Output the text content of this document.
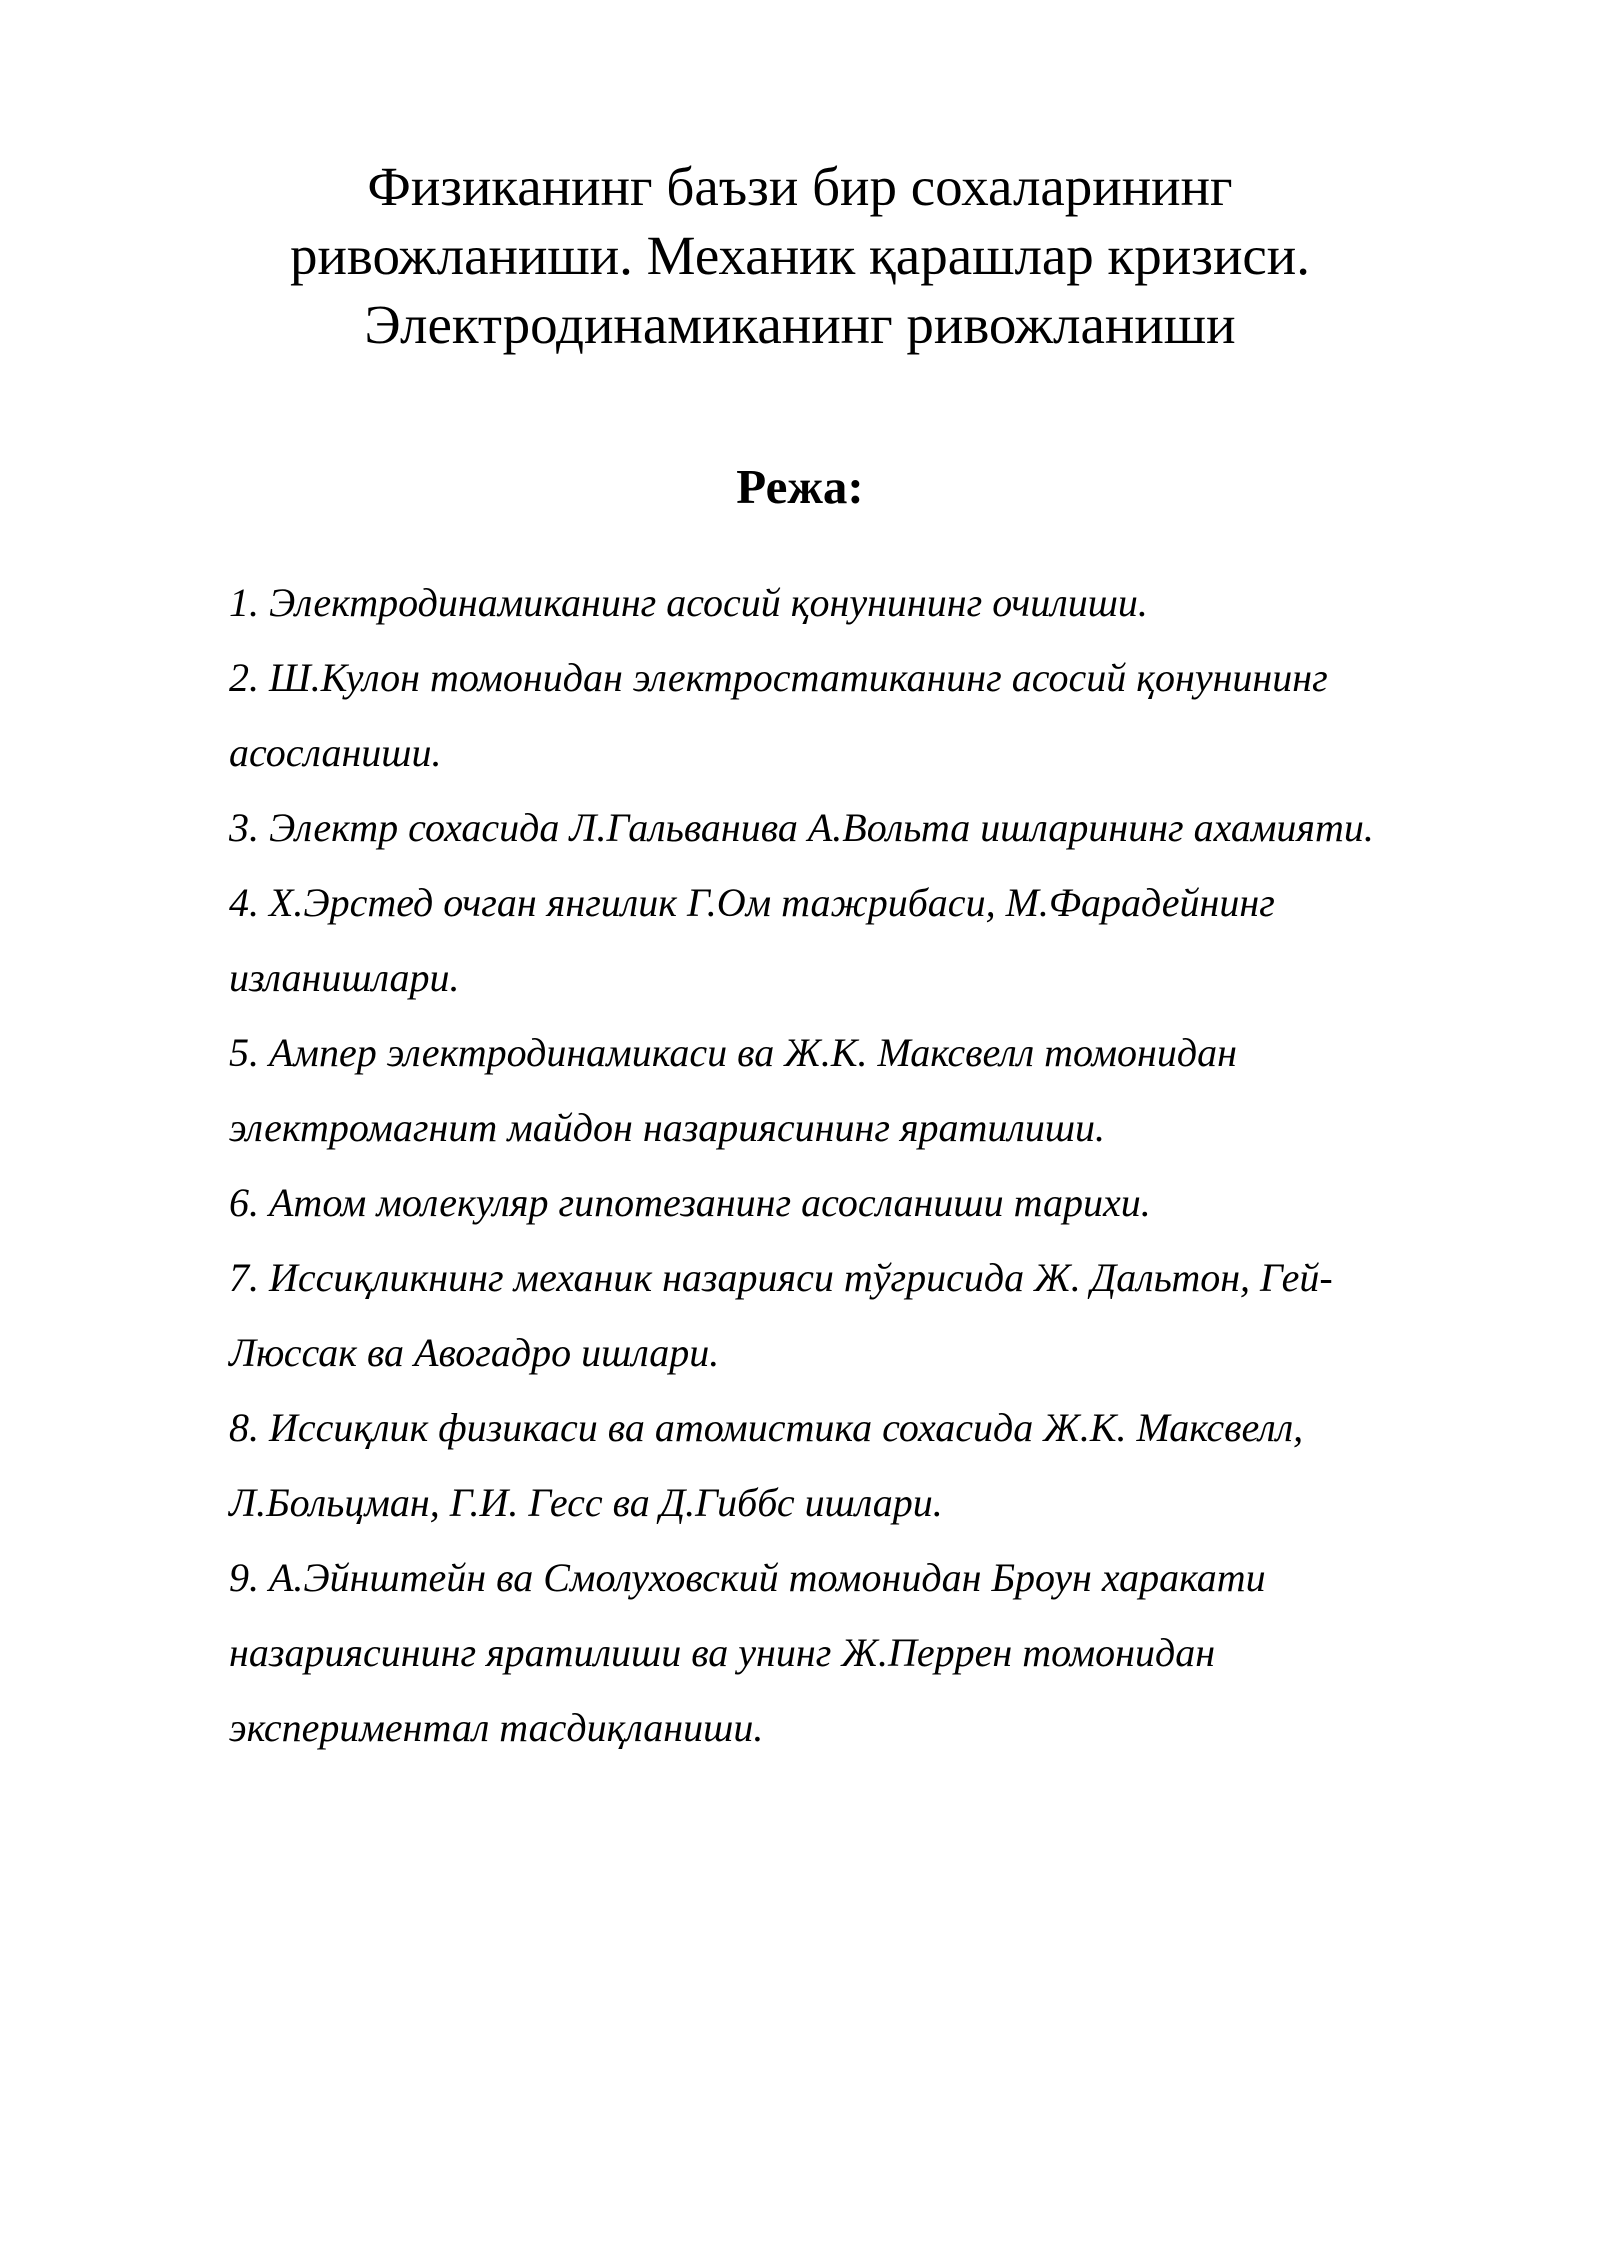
Физиканинг баъзи бир сохаларининг
ривожланиши. Механик қарашлар кризиси.
Электродинамиканинг ривожланиши
Режа:
1. Электродинамиканинг асосий қонунининг очилиши.
2. Ш.Кулон томонидан электростатиканинг асосий қонунининг
асосланиши.
3. Электр сохасида Л.Гальванива А.Вольта ишларининг ахамияти.
4. Х.Эрстед очган янгилик Г.Ом тажрибаси, М.Фарадейнинг
изланишлари.
5. Ампер электродинамикаси ва Ж.К. Максвелл томонидан
электромагнит майдон назариясининг яратилиши.
6. Атом молекуляр гипотезанинг асосланиши тарихи.
7. Иссиқликнинг механик назарияси тўгрисида Ж. Дальтон, Гей-
Люссак ва Авогадро ишлари.
8. Иссиқлик физикаси ва атомистика сохасида Ж.К. Максвелл,
Л.Больцман, Г.И. Гесс ва Д.Гиббс ишлари.
9. А.Эйнштейн ва Смолуховский томонидан Броун харакати
назариясининг яратилиши ва унинг Ж.Перрен томонидан
экспериментал тасдиқланиши.
